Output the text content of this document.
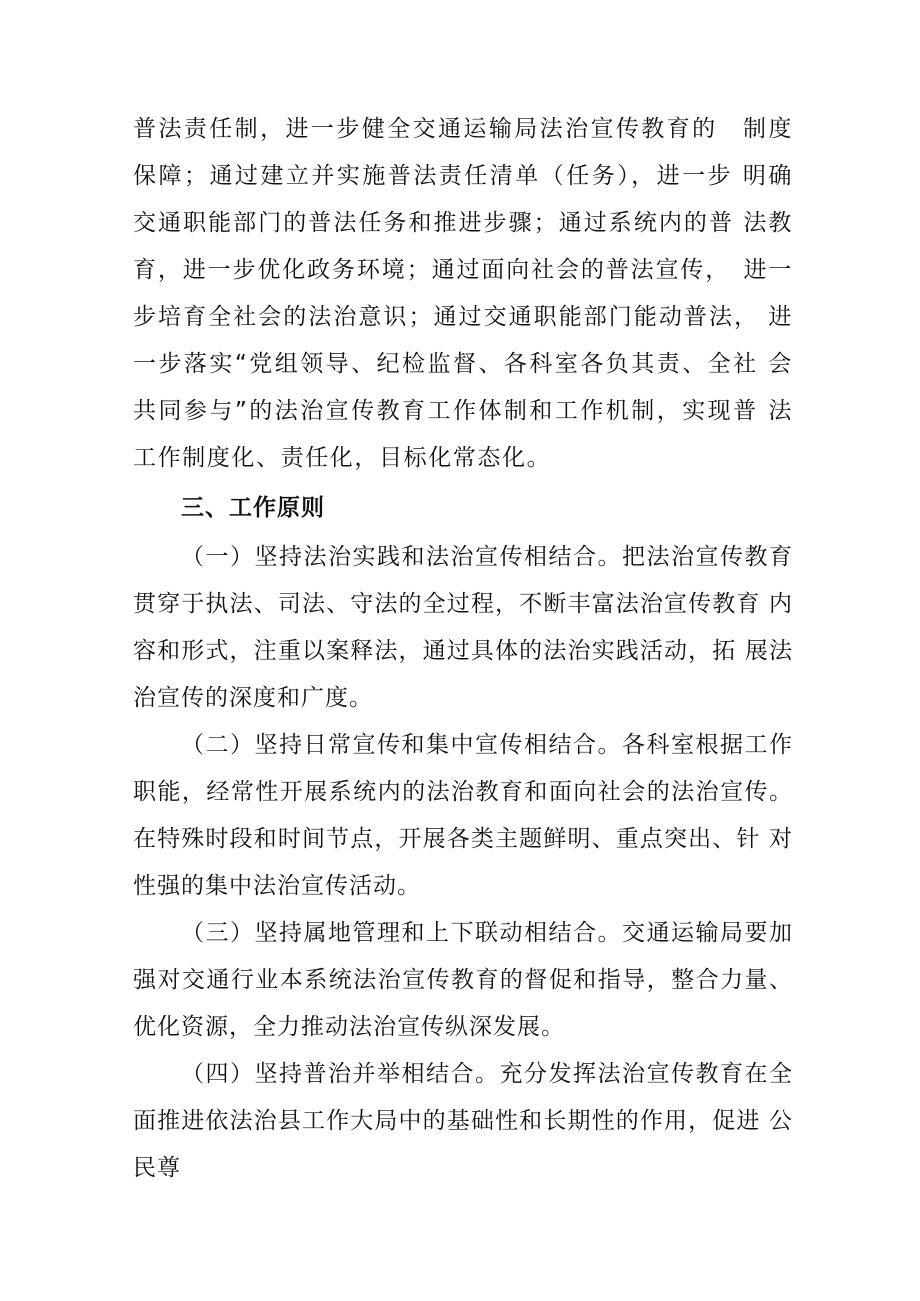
普法责任制，进一步健全交通运输局法治宣传教育的　制度保障；通过建立并实施普法责任清单（任务），进一步 明确交通职能部门的普法任务和推进步骤；通过系统内的普 法教育，进一步优化政务环境；通过面向社会的普法宣传，　进一步培育全社会的法治意识；通过交通职能部门能动普法， 进一步落实“党组领导、纪检监督、各科室各负其责、全社 会共同参与”的法治宣传教育工作体制和工作机制，实现普 法工作制度化、责任化，目标化常态化。

三、工作原则

（一）坚持法治实践和法治宣传相结合。把法治宣传教育 贯穿于执法、司法、守法的全过程，不断丰富法治宣传教育 内容和形式，注重以案释法，通过具体的法治实践活动，拓 展法治宣传的深度和广度。

（二）坚持日常宣传和集中宣传相结合。各科室根据工作 职能，经常性开展系统内的法治教育和面向社会的法治宣传。 在特殊时段和时间节点，开展各类主题鲜明、重点突出、针 对性强的集中法治宣传活动。

（三）坚持属地管理和上下联动相结合。交通运输局要加 强对交通行业本系统法治宣传教育的督促和指导，整合力量、 优化资源，全力推动法治宣传纵深发展。

（四）坚持普治并举相结合。充分发挥法治宣传教育在全 面推进依法治县工作大局中的基础性和长期性的作用，促进 公民尊
